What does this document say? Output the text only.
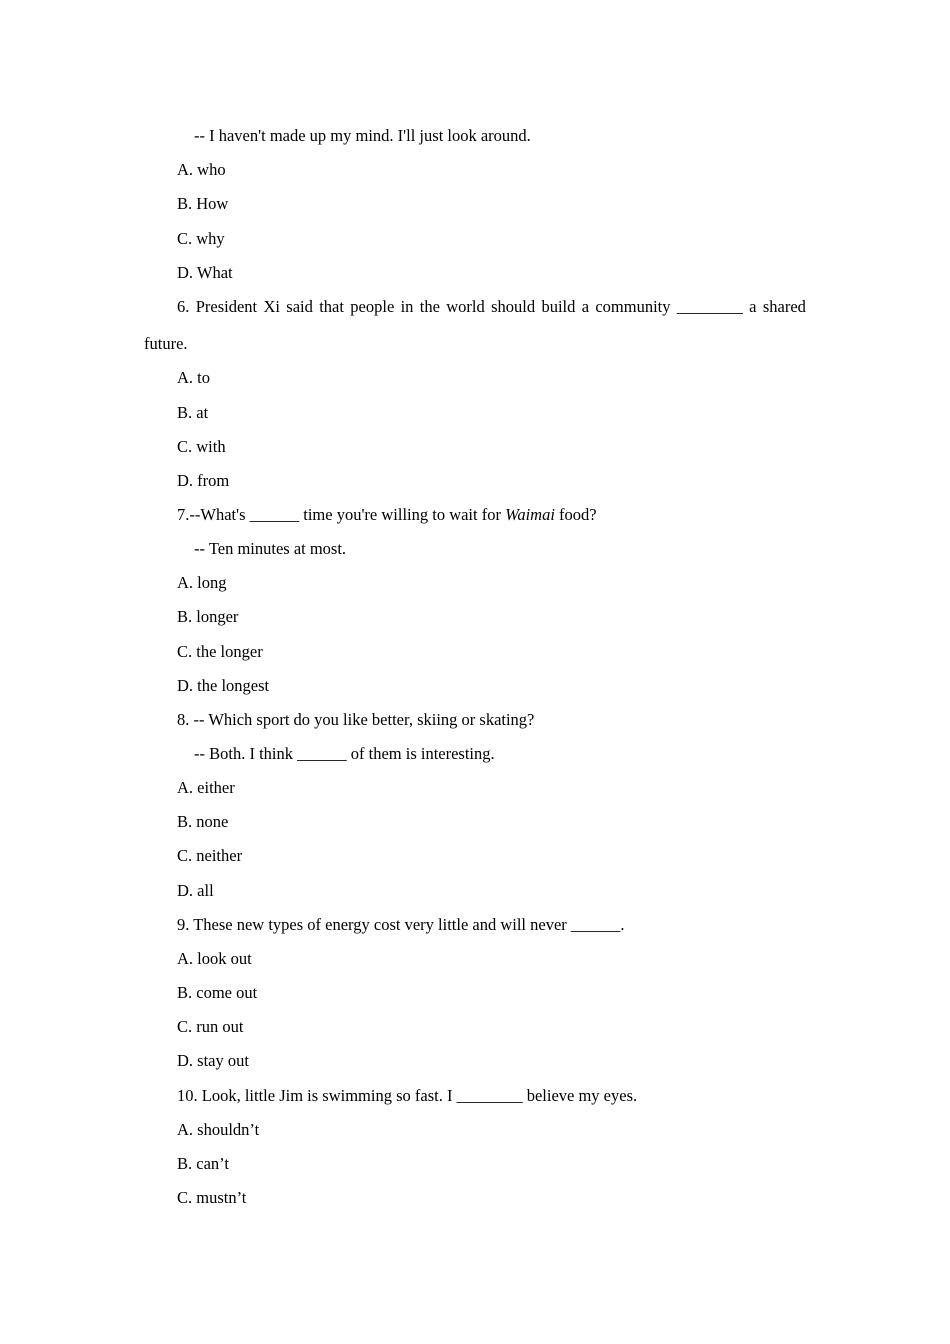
-- I haven't made up my mind. I'll just look around.
A. who
B. How
C. why
D. What
6. President Xi said that people in the world should build a community ________ a shared
future.
A. to
B. at
C. with
D. from
7.--What's ______ time you're willing to wait for Waimai food?
-- Ten minutes at most.
A. long
B. longer
C. the longer
D. the longest
8. -- Which sport do you like better, skiing or skating?
-- Both. I think ______ of them is interesting.
A. either
B. none
C. neither
D. all
9. These new types of energy cost very little and will never ______.
A. look out
B. come out
C. run out
D. stay out
10. Look, little Jim is swimming so fast. I ________ believe my eyes.
A. shouldn’t
B. can’t
C. mustn’t
